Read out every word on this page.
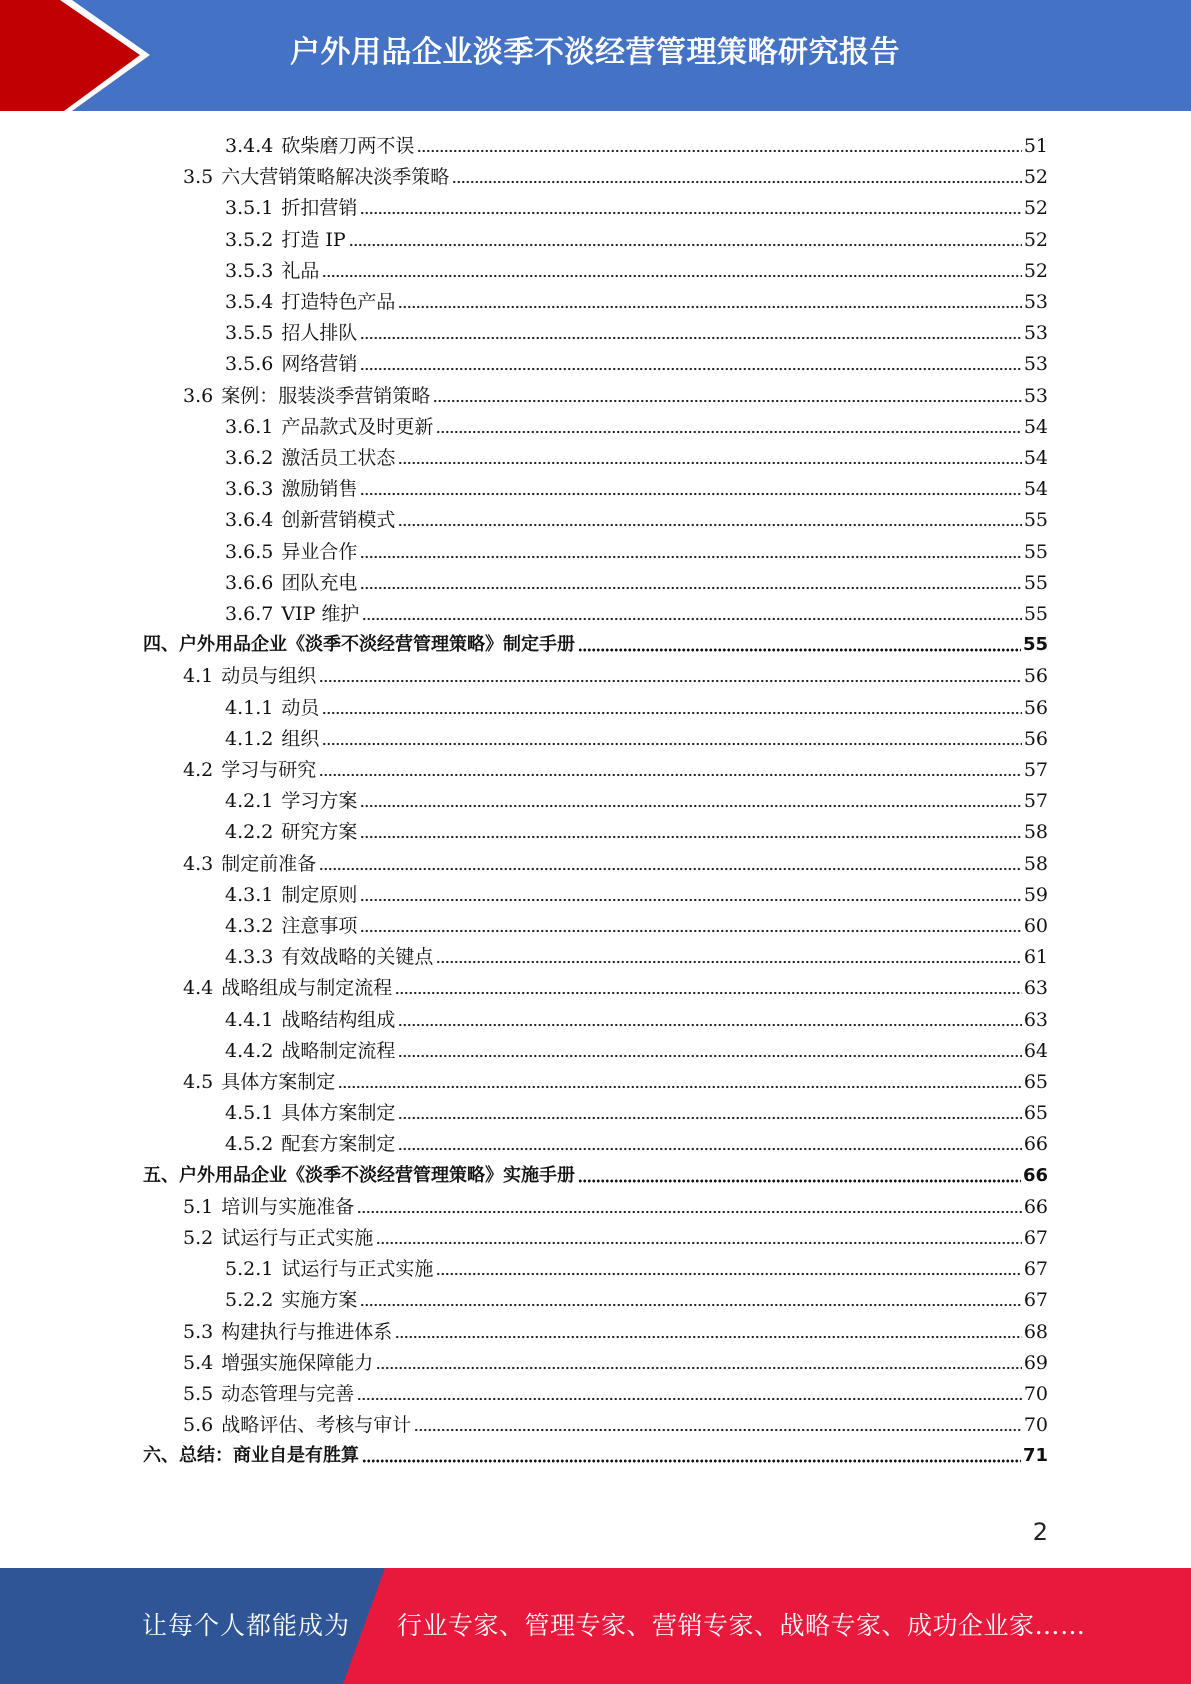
户外用品企业淡季不淡经营管理策略研究报告
3.4.4 砍柴磨刀两不误	51
3.5 六大营销策略解决淡季策略	52
3.5.1 折扣营销	52
3.5.2 打造 IP	52
3.5.3 礼品	52
3.5.4 打造特色产品	53
3.5.5 招人排队	53
3.5.6 网络营销	53
3.6 案例：服装淡季营销策略	53
3.6.1 产品款式及时更新	54
3.6.2 激活员工状态	54
3.6.3 激励销售	54
3.6.4 创新营销模式	55
3.6.5 异业合作	55
3.6.6 团队充电	55
3.6.7 VIP 维护	55
四、户外用品企业《淡季不淡经营管理策略》制定手册	55
4.1 动员与组织	56
4.1.1 动员	56
4.1.2 组织	56
4.2 学习与研究	57
4.2.1 学习方案	57
4.2.2 研究方案	58
4.3 制定前准备	58
4.3.1 制定原则	59
4.3.2 注意事项	60
4.3.3 有效战略的关键点	61
4.4 战略组成与制定流程	63
4.4.1 战略结构组成	63
4.4.2 战略制定流程	64
4.5 具体方案制定	65
4.5.1 具体方案制定	65
4.5.2 配套方案制定	66
五、户外用品企业《淡季不淡经营管理策略》实施手册	66
5.1 培训与实施准备	66
5.2 试运行与正式实施	67
5.2.1 试运行与正式实施	67
5.2.2 实施方案	67
5.3 构建执行与推进体系	68
5.4 增强实施保障能力	69
5.5 动态管理与完善	70
5.6 战略评估、考核与审计	70
六、总结：商业自是有胜算	71
2
让每个人都能成为 行业专家、管理专家、营销专家、战略专家、成功企业家……
